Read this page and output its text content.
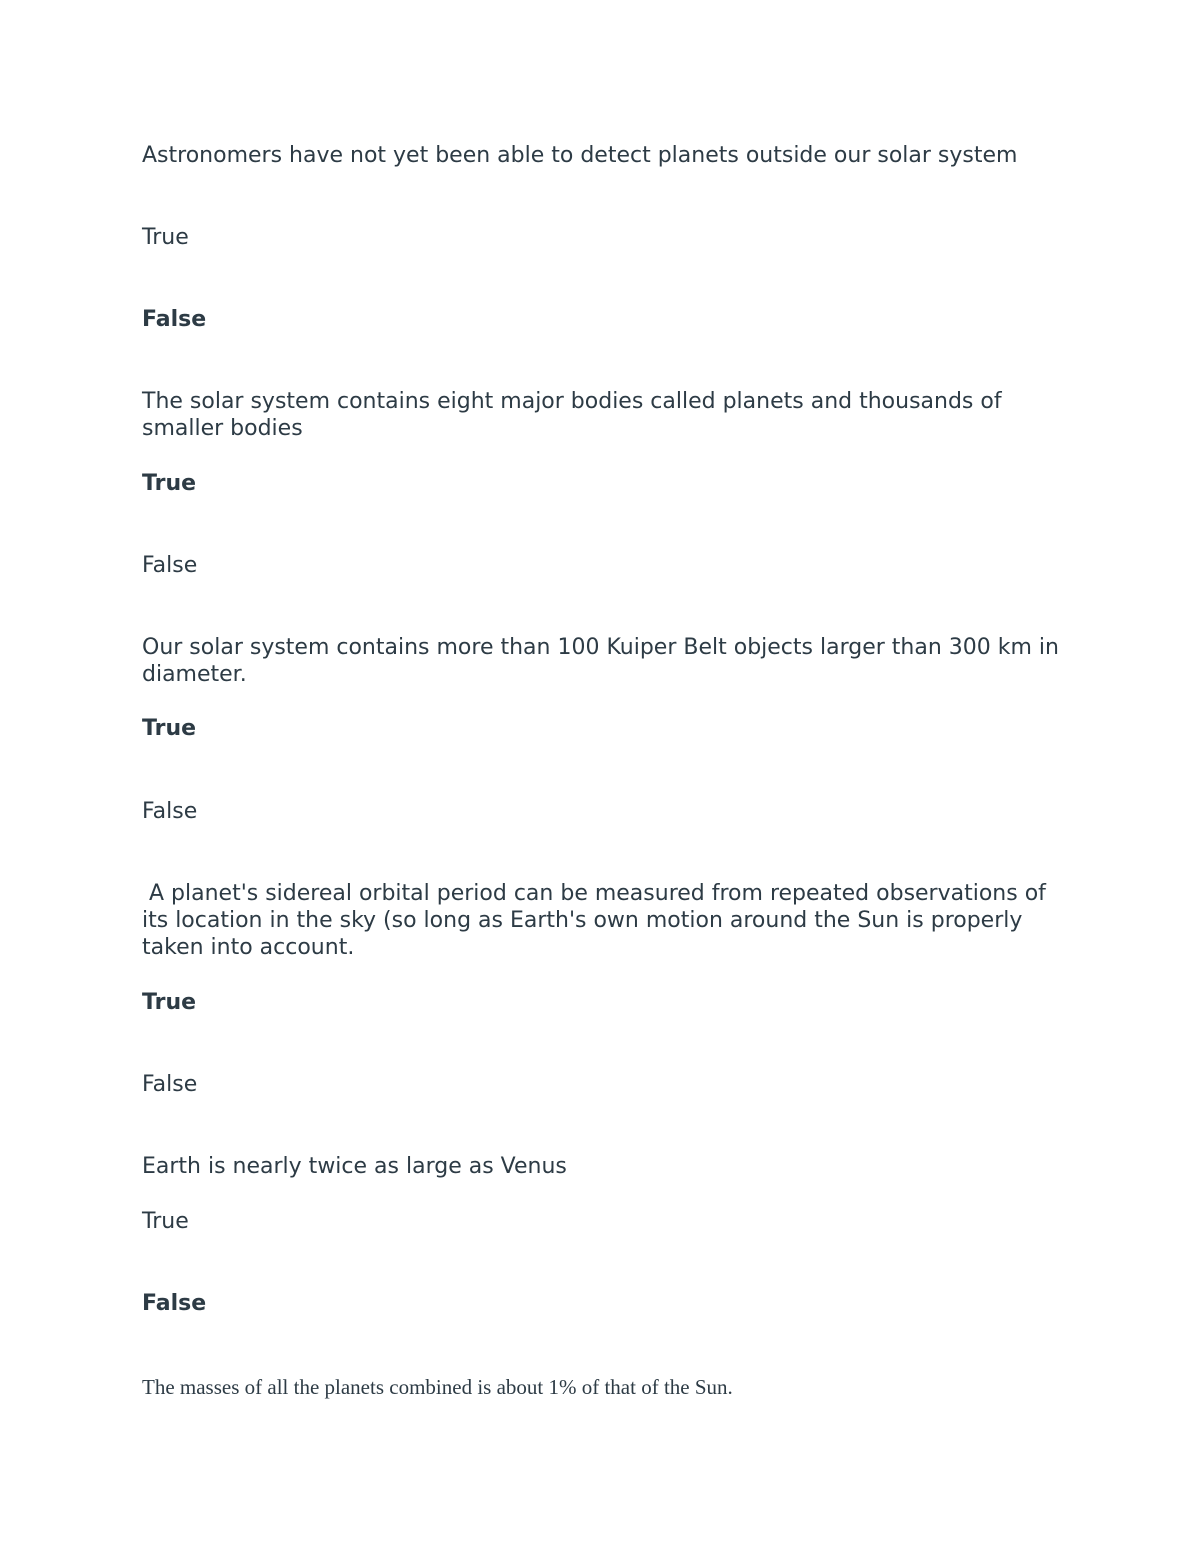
Astronomers have not yet been able to detect planets outside our solar system

True

False

The solar system contains eight major bodies called planets and thousands of smaller bodies

True

False

Our solar system contains more than 100 Kuiper Belt objects larger than 300 km in diameter.

True

False

A planet's sidereal orbital period can be measured from repeated observations of its location in the sky (so long as Earth's own motion around the Sun is properly taken into account.

True

False

Earth is nearly twice as large as Venus

True

False

The masses of all the planets combined is about 1% of that of the Sun.
